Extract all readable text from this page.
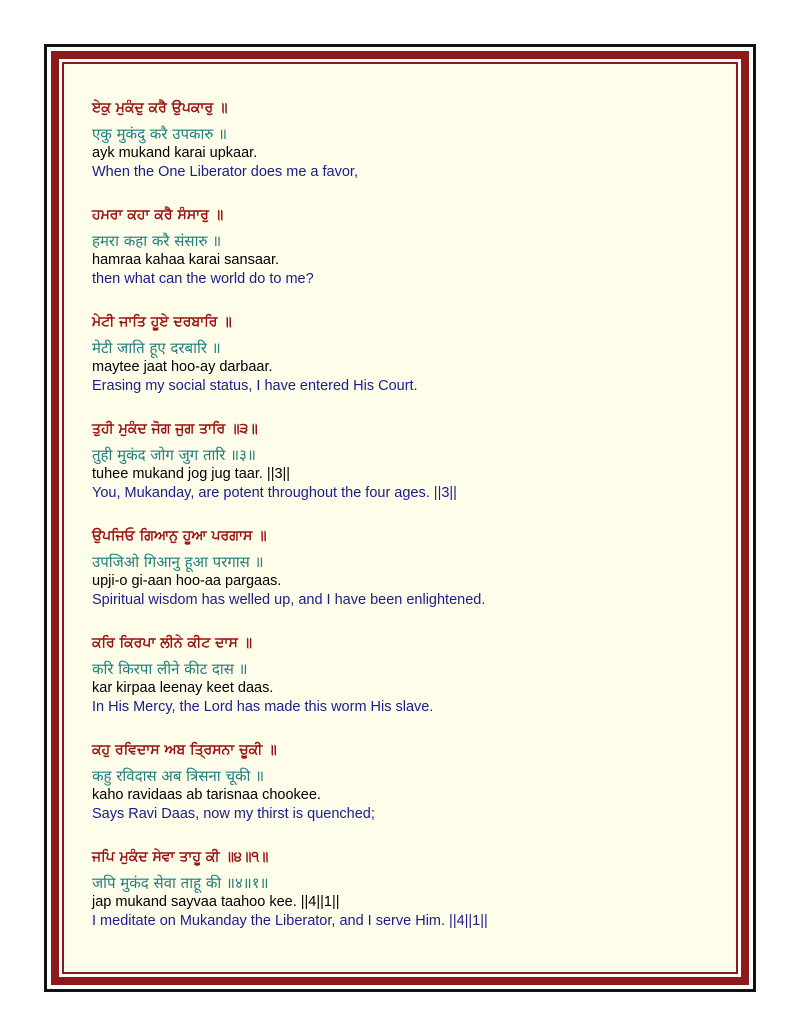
ਏਕੁ ਮੁਕੰਦੁ ਕਰੈ ਉਪਕਾਰੁ ॥
एकु मुकंदु करै उपकारु ॥
ayk mukand karai upkaar.
When the One Liberator does me a favor,
ਹਮਰਾ ਕਹਾ ਕਰੈ ਸੰਸਾਰੁ ॥
हमरा कहा करै संसारु ॥
hamraa kahaa karai sansaar.
then what can the world do to me?
ਮੇਟੀ ਜਾਤਿ ਹੂਏ ਦਰਬਾਰਿ ॥
मेटी जाति हूए दरबारि ॥
maytee jaat hoo-ay darbaar.
Erasing my social status, I have entered His Court.
ਤੁਹੀ ਮੁਕੰਦ ਜੋਗ ਜੁਗ ਤਾਰਿ ॥੩॥
तुही मुकंद जोग जुग तारि ॥३॥
tuhee mukand jog jug taar. ||3||
You, Mukanday, are potent throughout the four ages. ||3||
ਉਪਜਿਓ ਗਿਆਨੁ ਹੂਆ ਪਰਗਾਸ ॥
उपजिओ गिआनु हूआ परगास ॥
upji-o gi-aan hoo-aa pargaas.
Spiritual wisdom has welled up, and I have been enlightened.
ਕਰਿ ਕਿਰਪਾ ਲੀਨੇ ਕੀਟ ਦਾਸ ॥
करि किरपा लीने कीट दास ॥
kar kirpaa leenay keet daas.
In His Mercy, the Lord has made this worm His slave.
ਕਹੁ ਰਵਿਦਾਸ ਅਬ ਤ੍ਰਿਸਨਾ ਚੂਕੀ ॥
कहु रविदास अब त्रिसना चूकी ॥
kaho ravidaas ab tarisnaa chookee.
Says Ravi Daas, now my thirst is quenched;
ਜਪਿ ਮੁਕੰਦ ਸੇਵਾ ਤਾਹੂ ਕੀ ॥੪॥੧॥
जपि मुकंद सेवा ताहू की ॥४॥१॥
jap mukand sayvaa taahoo kee. ||4||1||
I meditate on Mukanday the Liberator, and I serve Him. ||4||1||
